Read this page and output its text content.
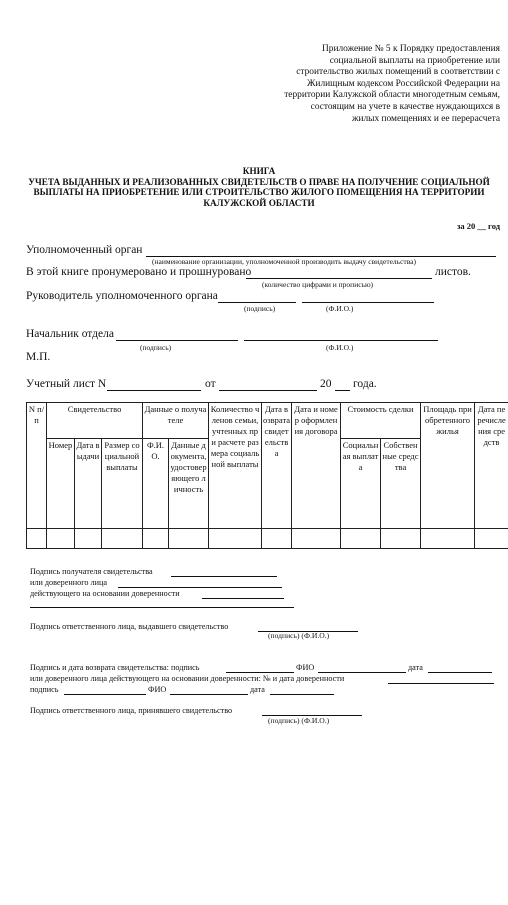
Приложение № 5 к Порядку предоставления
социальной выплаты на приобретение или
строительство жилых помещений в соответствии с
Жилищным кодексом Российской Федерации на
территории Калужской области многодетным семьям,
состоящим на учете в качестве нуждающихся в
жилых помещениях и ее перерасчета
КНИГА
УЧЕТА ВЫДАННЫХ И РЕАЛИЗОВАННЫХ СВИДЕТЕЛЬСТВ О ПРАВЕ НА ПОЛУЧЕНИЕ СОЦИАЛЬНОЙ
ВЫПЛАТЫ НА ПРИОБРЕТЕНИЕ ИЛИ СТРОИТЕЛЬСТВО ЖИЛОГО ПОМЕЩЕНИЯ НА ТЕРРИТОРИИ
КАЛУЖСКОЙ ОБЛАСТИ
за 20 __ год
Уполномоченный орган
(наименование организации, уполномоченной производить выдачу свидетельства)
В этой книге пронумеровано и прошнуровано	листов.
(количество цифрами и прописью)
Руководитель уполномоченного органа
(подпись)	(Ф.И.О.)
Начальник отдела
(подпись)	(Ф.И.О.)
М.П.
Учетный лист N	от	20 года.
N п/п	Свидетельство			Данные о получателе		Количество членов семьи, учтенных при расчете размера социальной выплаты	Дата возврата свидетельства	Дата и номер оформления договора	Стоимость сделки		Площадь приобретенного жилья	Дата перечисления средств
	Номер	Дата выдачи	Размер социальной выплаты	Ф.И.О.	Данные документа, удостоверяющего личность				Социальная выплата	Собственные средства		

Подпись получателя свидетельства
или доверенного лица
действующего на основании доверенности
Подпись ответственного лица, выдавшего свидетельство
(подпись) (Ф.И.О.)
Подпись и дата возврата свидетельства: подпись	ФИО	дата
или доверенного лица действующего на основании доверенности: № и дата доверенности
подпись	ФИО	дата
Подпись ответственного лица, принявшего свидетельство
(подпись) (Ф.И.О.)
